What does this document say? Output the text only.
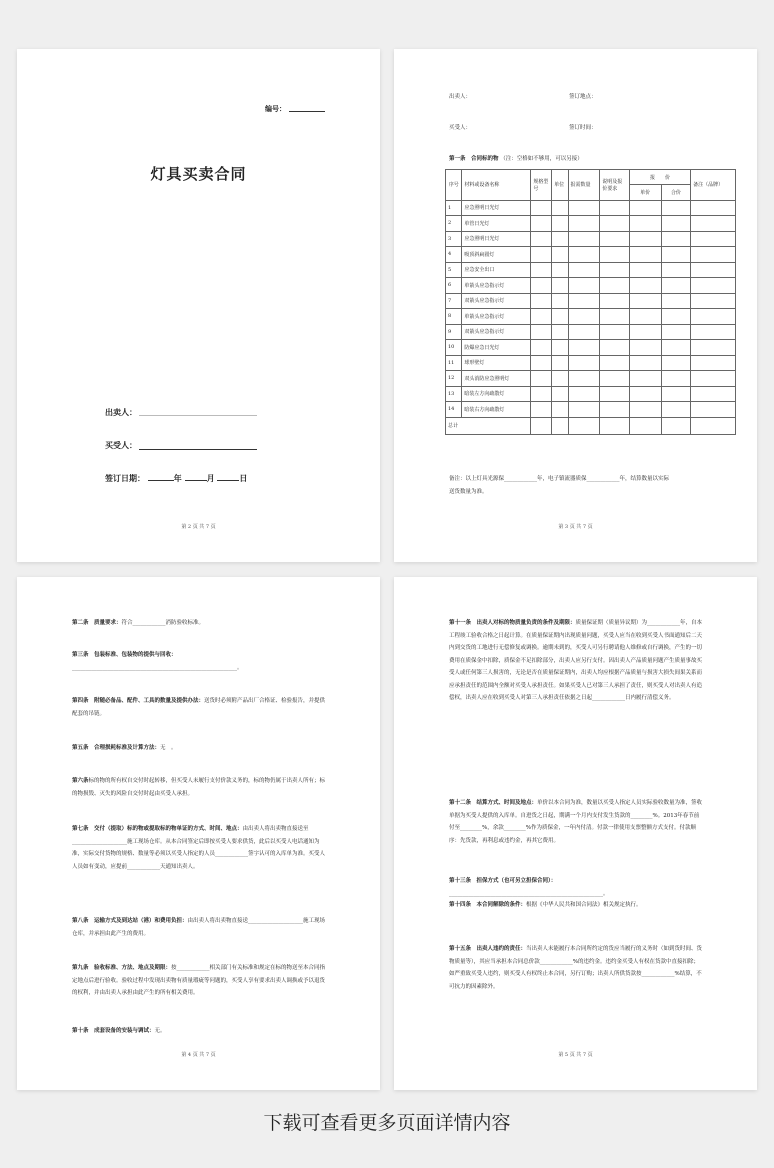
编号：
灯具买卖合同
出卖人：
买受人：
签订日期：	年	月	日
第 2 页 共 7 页
出卖人：	签订地点：
买受人：	签订时间：
第一条　合同标的物 （注：空格如不够用，可以另接）
序号	材料或设备名称	规格型号	单位	报需数量	说明及报价要求	报　　价		备注（品牌）
						单价	合价	
1	应急照明日光灯							
2	单管日光灯							
3	应急照明日光灯							
4	吸顶斜扁圆灯							
5	应急安全出口							
6	单箭头应急指示灯							
7	双箭头应急指示灯							
8	单箭头应急指示灯							
9	双箭头应急指示灯							
10	防爆应急日光灯							
11	球形壁灯							
12	双头消防应急照明灯							
13	暗装左方向疏散灯							
14	暗装右方向疏散灯							
总计								
备注：以上灯具光源保____________年，电子镇流器质保____________年，结算数量以实际
送货数量为准。
第 3 页 共 7 页
第二条　质量要求：符合____________消防验收标准。
第三条　包装标准、包装物的提供与回收：____________________________________________________________。
第四条　附随必备品、配件、工具的数量及提供办法：送货时必须附产品出厂合格证、检验报告，并提供配套的吊链。
第五条　合理损耗标准及计算方法：无　。
第六条标的物的所有权自交付时起转移，但买受人未履行支付价款义务的，标的物仍属于出卖人所有；标的物损毁、灭失的风险自交付时起由买受人承担。
第七条　交付（提取）标的物或提取标的物单证的方式、时间、地点：由出卖人将出卖物直接送至____________________施工现场仓库。从本合同签定后即按买受人要求供货，此后以买受人电话通知为准，实际交付货物的规格、数量等必须以买受人指定的人员____________签字认可的入库单为准。买受人人员如有变动，应提前____________天通知出卖人。
第八条　运输方式及到达站（港）和费用负担：由出卖人将出卖物直接送____________________施工现场仓库，并承担由此产生的费用。
第九条　验收标准、方法、地点及期限：按____________相关部门有关标准和规定在标的物送至本合同指定地点后进行验收。验收过程中发现出卖物有质量瑕疵等问题的，买受人享有要求出卖人调换或予以退货的权利，并由出卖人承担由此产生的所有相关费用。
第十条　成套设备的安装与调试：无。
第 4 页 共 7 页
第十一条　出卖人对标的物质量负责的条件及期限：质量保证期（质量异议期）为____________年，自本工程竣工验收合格之日起计算。在质量保证期内出现质量问题，买受人应当在收到买受人书面通知后二天内到交货的工地进行无偿修复或调换。逾期未到的，买受人可另行聘请他人维修或自行调换，产生的一切费用在质保金中扣除，质保金不足扣除部分，出卖人应另行支付。因出卖人产品质量问题产生质量事故买受人或任何第三人损害的，无论是否在质量保证期内，出卖人均应根据产品质量与损害大损失间果关系而应承担责任的范围内全额对买受人承担责任。如果买受人已对第三人承担了责任，则买受人对出卖人有追偿权，出卖人应在收到买受人对第三人承担责任依据之日起____________日内履行清偿义务。
第十二条　结算方式、时间及地点：单价以本合同为准，数量以买受人指定人员实际验收数量为准，签收单据为买受人提供的入库单。自进货之日起，期满一个月内支付发生货款的________%。2013年春节前付至________%，余款________%作为质保金，一年内付清。付款一律使用支票整额方式支付。付款顺序：先货款，再利息或违约金，再其它费用。
第十三条　担保方式（也可另立担保合同）：________________________________________________________。
第十四条　本合同解除的条件：根据《中华人民共和国合同法》相关规定执行。
第十五条　出卖人违约的责任：当出卖人未能履行本合同所约定的货应当履行的义务时（如到货时间、货物质量等），其应当承担本合同总价款____________%的违约金。违约金买受人有权在货款中直接扣除；如严重致买受人违约，则买受人有权终止本合同，另行订购；出卖人所供货款按____________%结算，不可抗力的因素除外。
第 5 页 共 7 页
下载可查看更多页面详情内容
